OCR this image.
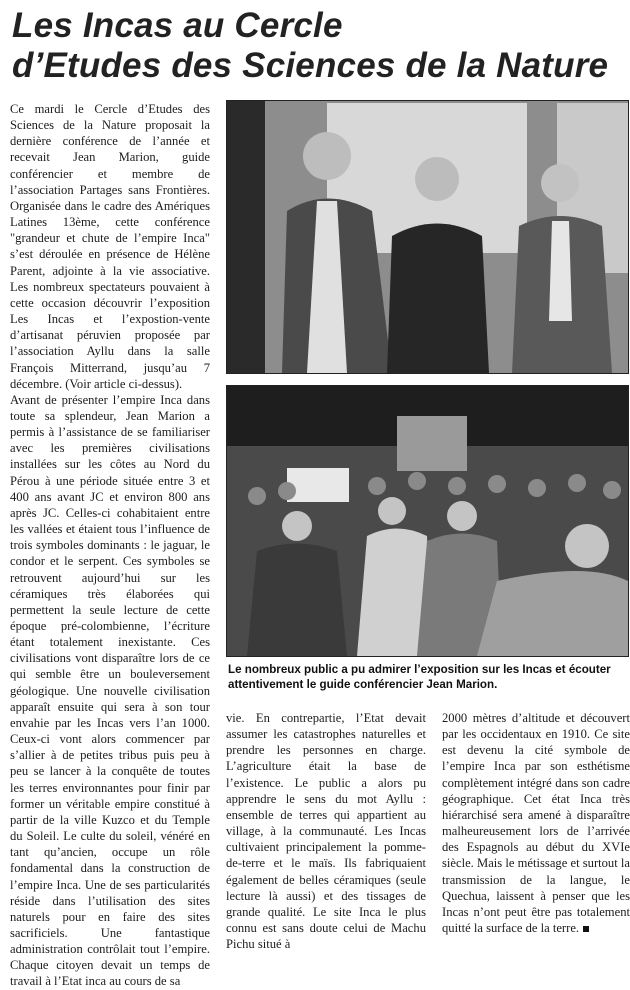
Les Incas au Cercle
d’Etudes des Sciences de la Nature

Ce mardi le Cercle d’Etudes des Sciences de la Nature proposait la dernière conférence de l’année et recevait Jean Marion, guide conférencier et membre de l’association Partages sans Frontières. Organisée dans le cadre des Amériques Latines 13ème, cette conférence "grandeur et chute de l’empire Inca" s’est déroulée en présence de Hélène Parent, adjointe à la vie associative. Les nombreux spectateurs pouvaient à cette occasion découvrir l’exposition Les Incas et l’expostion-vente d’artisanat péruvien proposée par l’association Ayllu dans la salle François Mitterrand, jusqu’au 7 décembre. (Voir article ci-dessus).

Avant de présenter l’empire Inca dans toute sa splendeur, Jean Marion a permis à l’assistance de se familiariser avec les premières civilisations installées sur les côtes au Nord du Pérou à une période située entre 3 et 400 ans avant JC et environ 800 ans après JC. Celles-ci cohabitaient entre les vallées et étaient tous l’influence de trois symboles dominants : le jaguar, le condor et le serpent. Ces symboles se retrouvent aujourd’hui sur les céramiques très élaborées qui permettent la seule lecture de cette époque pré-colombienne, l’écriture étant totalement inexistante. Ces civilisations vont disparaître lors de ce qui semble être un bouleversement géologique. Une nouvelle civilisation apparaît ensuite qui sera à son tour envahie par les Incas vers l’an 1000. Ceux-ci vont alors commencer par s’allier à de petites tribus puis peu à peu se lancer à la conquête de toutes les terres environnantes pour finir par former un véritable empire constitué à partir de la ville Kuzco et du Temple du Soleil. Le culte du soleil, vénéré en tant qu’ancien, occupe un rôle fondamental dans la construction de l’empire Inca. Une de ses particularités réside dans l’utilisation des sites naturels pour en faire des sites sacrificiels. Une fantastique administration contrôlait tout l’empire. Chaque citoyen devait un temps de travail à l’Etat inca au cours de sa

Le nombreux public a pu admirer l’exposition sur les Incas et écouter attentivement le guide conférencier Jean Marion.
vie. En contrepartie, l’Etat devait assumer les catastrophes naturelles et prendre les personnes en charge. L’agriculture était la base de l’existence. Le public a alors pu apprendre le sens du mot Ayllu : ensemble de terres qui appartient au village, à la communauté. Les Incas cultivaient principalement la pomme-de-terre et le maïs. Ils fabriquaient également de belles céramiques (seule lecture là aussi) et des tissages de grande qualité. Le site Inca le plus connu est sans doute celui de Machu Pichu situé à
2000 mètres d’altitude et découvert par les occidentaux en 1910. Ce site est devenu la cité symbole de l’empire Inca par son esthétisme complètement intégré dans son cadre géographique. Cet état Inca très hiérarchisé sera amené à disparaître malheureusement lors de l’arrivée des Espagnols au début du XVIe siècle. Mais le métissage et surtout la transmission de la langue, le Quechua, laissent à penser que les Incas n’ont peut être pas totalement quitté la surface de la terre.
